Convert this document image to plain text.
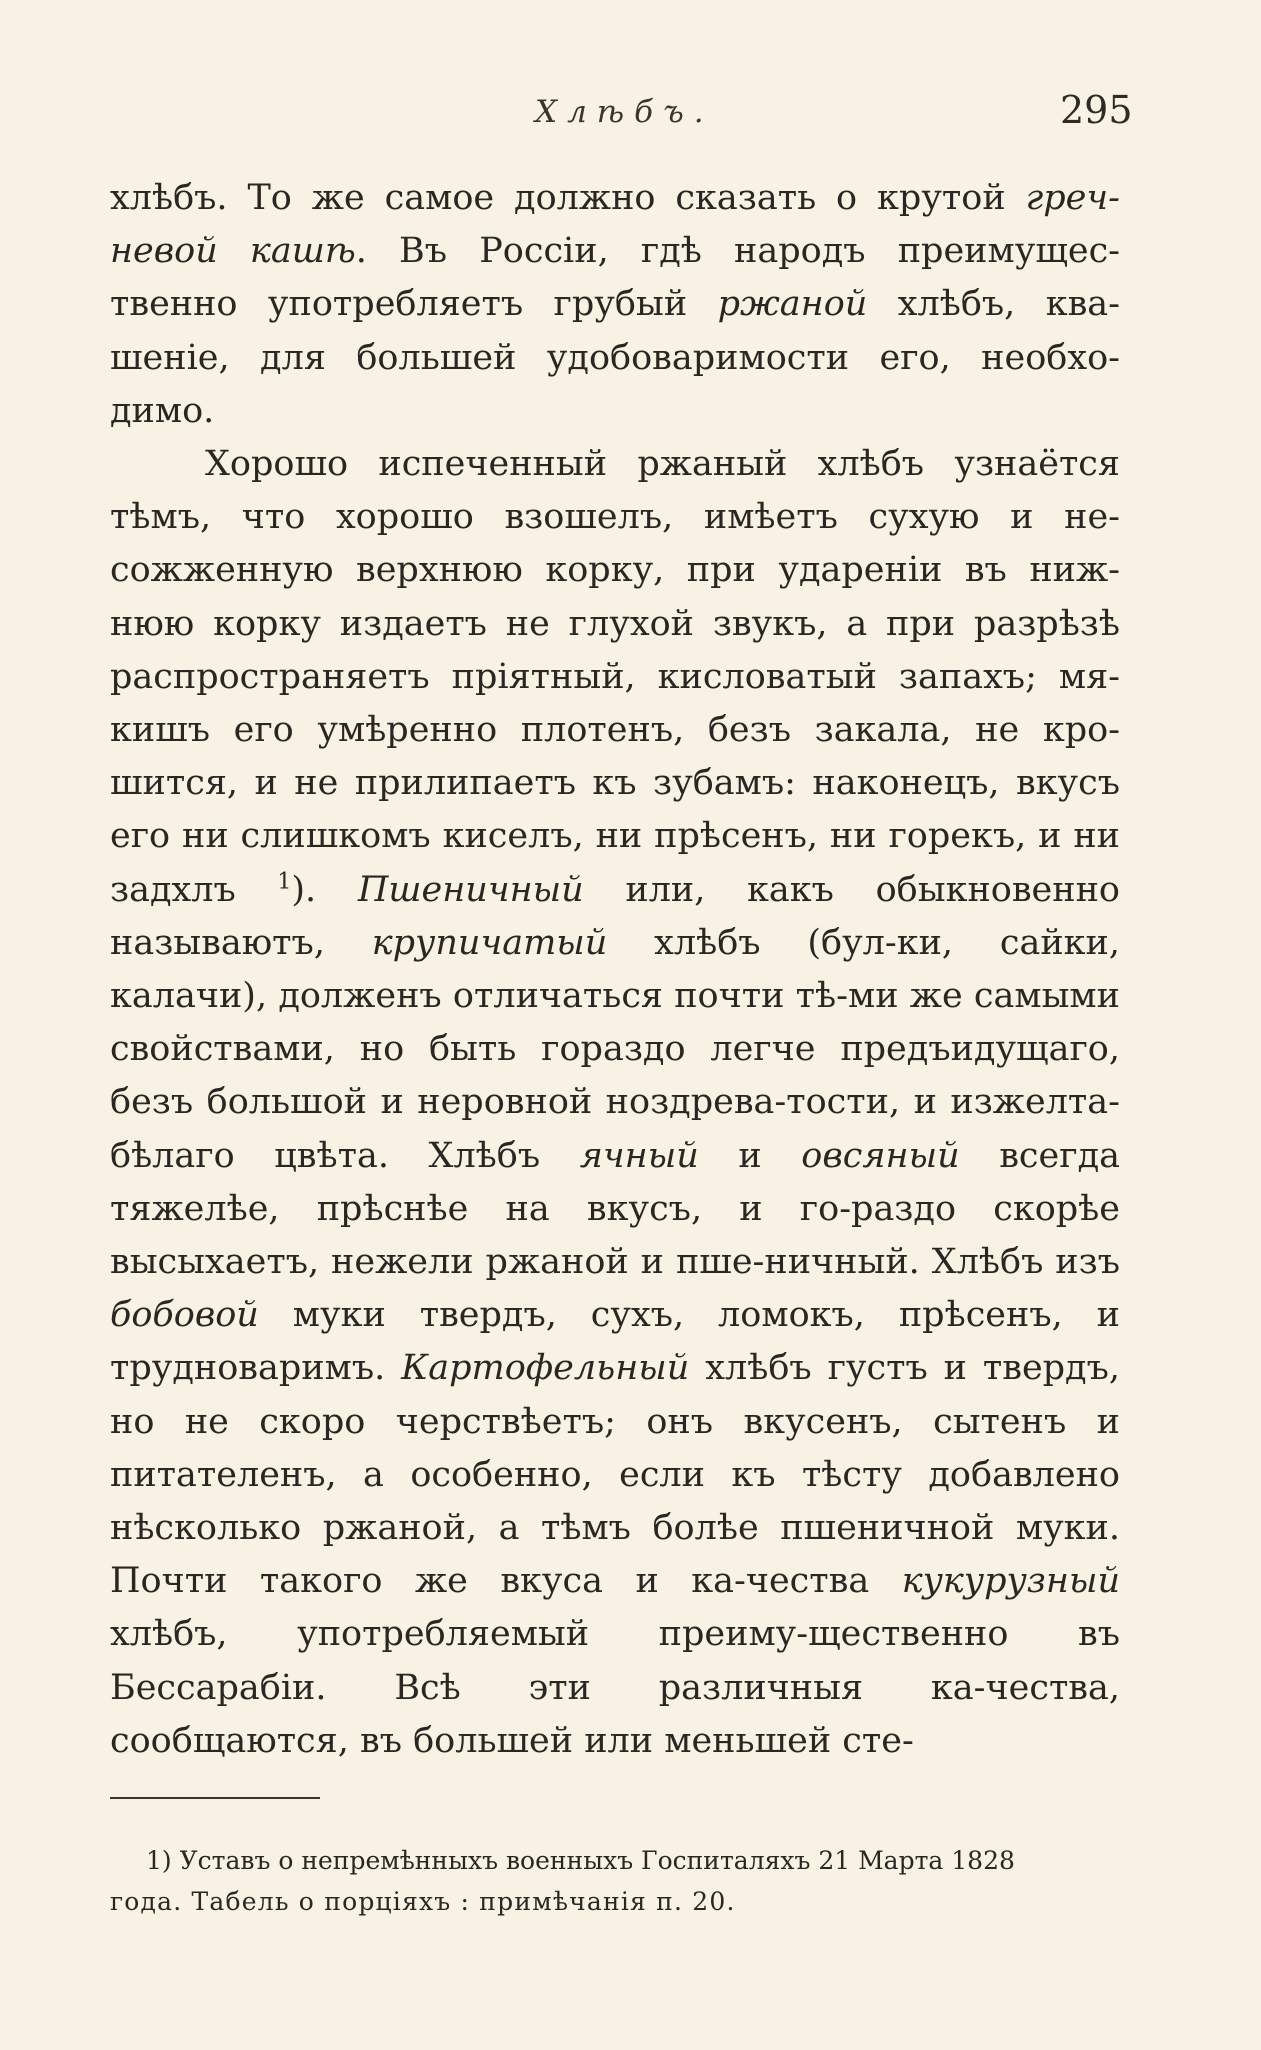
Хлѣбъ.	295

хлѣбъ. То же самое должно сказать о крутой греч-невой кашѣ. Въ Россіи, гдѣ народъ преимущес-твенно употребляетъ грубый ржаной хлѣбъ, ква-шеніе, для большей удобоваримости его, необхо-димо.

Хорошо испеченный ржаный хлѣбъ узнаётся тѣмъ, что хорошо взошелъ, имѣетъ сухую и не-сожженную верхнюю корку, при удареніи въ ниж-нюю корку издаетъ не глухой звукъ, а при разрѣзѣ распространяетъ пріятный, кисловатый запахъ; мя-кишъ его умѣренно плотенъ, безъ закала, не кро-шится, и не прилипаетъ къ зубамъ: наконецъ, вкусъ его ни слишкомъ киселъ, ни прѣсенъ, ни горекъ, и ни задхлъ $^1$). Пшеничный или, какъ обыкновенно называютъ, крупичатый хлѣбъ (бул-ки, сайки, калачи), долженъ отличаться почти тѣ-ми же самыми свойствами, но быть гораздо легче предъидущаго, безъ большой и неровной ноздрева-тости, и изжелта-бѣлаго цвѣта. Хлѣбъ ячный и овсяный всегда тяжелѣе, прѣснѣе на вкусъ, и го-раздо скорѣе высыхаетъ, нежели ржаной и пше-ничный. Хлѣбъ изъ бобовой муки твердъ, сухъ, ломокъ, прѣсенъ, и трудноваримъ. Картофельный хлѣбъ густъ и твердъ, но не скоро черствѣетъ; онъ вкусенъ, сытенъ и питателенъ, а особенно, если къ тѣсту добавлено нѣсколько ржаной, а тѣмъ болѣе пшеничной муки. Почти такого же вкуса и ка-чества кукурузный хлѣбъ, употребляемый преиму-щественно въ Бессарабіи. Всѣ эти различныя ка-чества, сообщаются, въ большей или меньшей сте-

1) Уставъ о непремѣнныхъ военныхъ Госпиталяхъ 21 Марта 1828
года. Табель о порціяхъ : примѣчанія п. 20.
